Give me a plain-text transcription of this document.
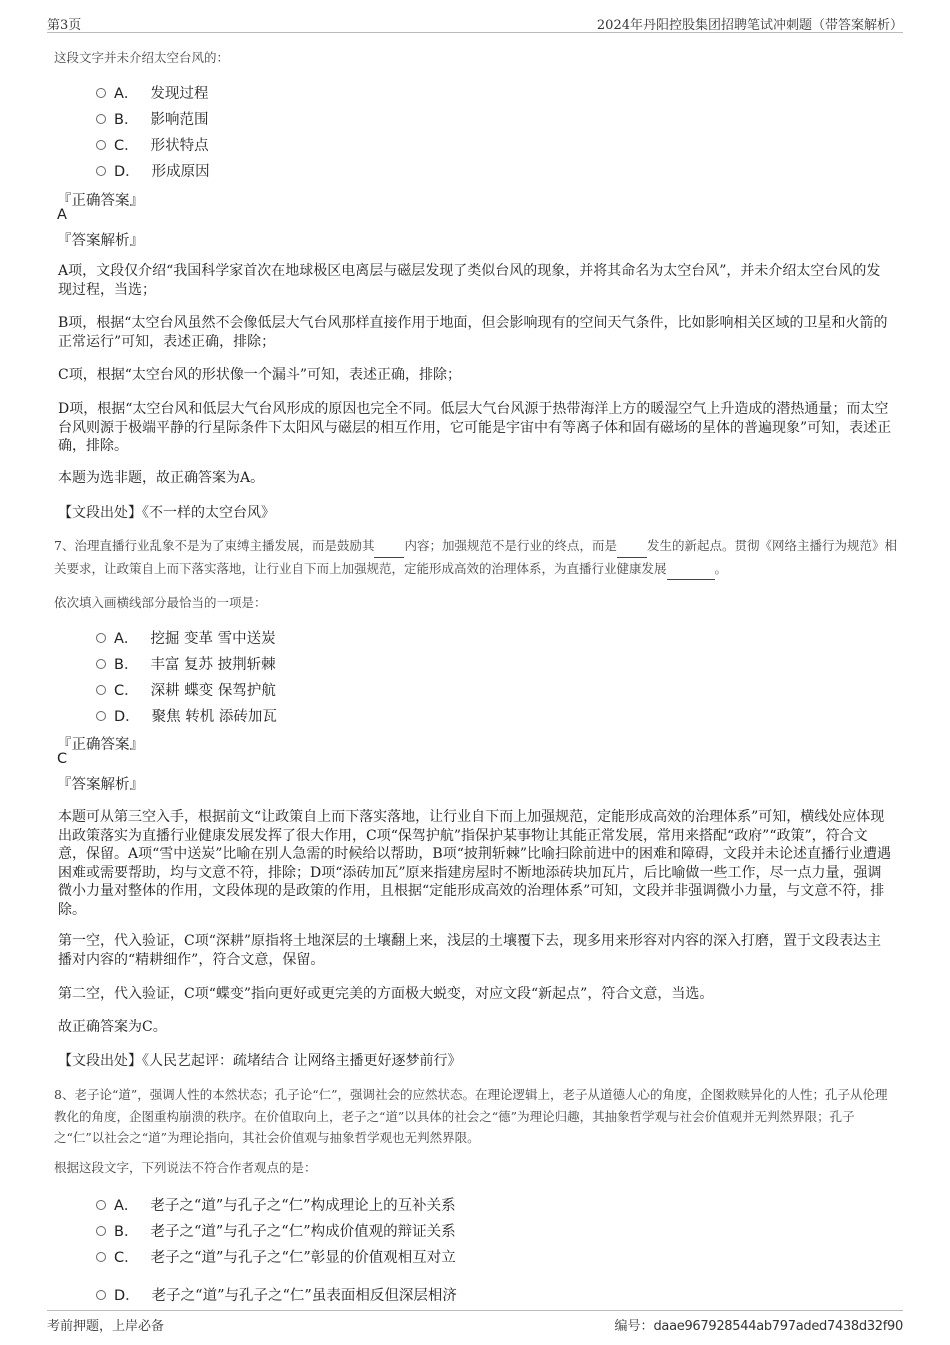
第3页	2024年丹阳控股集团招聘笔试冲刺题（带答案解析）
这段文字并未介绍太空台风的：
A． 发现过程
B． 影响范围
C． 形状特点
D． 形成原因
『正确答案』
A
『答案解析』
A项，文段仅介绍“我国科学家首次在地球极区电离层与磁层发现了类似台风的现象，并将其命名为太空台风”，并未介绍太空台风的发现过程，当选；
B项，根据“太空台风虽然不会像低层大气台风那样直接作用于地面，但会影响现有的空间天气条件，比如影响相关区域的卫星和火箭的正常运行”可知，表述正确，排除；
C项，根据“太空台风的形状像一个漏斗”可知，表述正确，排除；
D项，根据“太空台风和低层大气台风形成的原因也完全不同。低层大气台风源于热带海洋上方的暖湿空气上升造成的潜热通量；而太空台风则源于极端平静的行星际条件下太阳风与磁层的相互作用，它可能是宇宙中有等离子体和固有磁场的星体的普遍现象”可知，表述正确，排除。
本题为选非题，故正确答案为A。
【文段出处】《不一样的太空台风》
7、治理直播行业乱象不是为了束缚主播发展，而是鼓励其 内容；加强规范不是行业的终点，而是 发生的新起点。贯彻《网络主播行为规范》相关要求，让政策自上而下落实落地，让行业自下而上加强规范，定能形成高效的治理体系，为直播行业健康发展	。
依次填入画横线部分最恰当的一项是：
A． 挖掘 变革 雪中送炭
B． 丰富 复苏 披荆斩棘
C． 深耕 蝶变 保驾护航
D． 聚焦 转机 添砖加瓦
『正确答案』
C
『答案解析』
本题可从第三空入手，根据前文“让政策自上而下落实落地，让行业自下而上加强规范，定能形成高效的治理体系”可知，横线处应体现出政策落实为直播行业健康发展发挥了很大作用，C项“保驾护航”指保护某事物让其能正常发展，常用来搭配“政府”“政策”，符合文意，保留。A项“雪中送炭”比喻在别人急需的时候给以帮助，B项“披荆斩棘”比喻扫除前进中的困难和障碍，文段并未论述直播行业遭遇困难或需要帮助，均与文意不符，排除；D项“添砖加瓦”原来指建房屋时不断地添砖块加瓦片，后比喻做一些工作，尽一点力量，强调微小力量对整体的作用，文段体现的是政策的作用，且根据“定能形成高效的治理体系”可知，文段并非强调微小力量，与文意不符，排除。
第一空，代入验证，C项“深耕”原指将土地深层的土壤翻上来，浅层的土壤覆下去，现多用来形容对内容的深入打磨，置于文段表达主播对内容的“精耕细作”，符合文意，保留。
第二空，代入验证，C项“蝶变”指向更好或更完美的方面极大蜕变，对应文段“新起点”，符合文意，当选。
故正确答案为C。
【文段出处】《人民艺起评：疏堵结合 让网络主播更好逐梦前行》
8、老子论“道”，强调人性的本然状态；孔子论“仁”，强调社会的应然状态。在理论逻辑上，老子从道德人心的角度，企图救赎异化的人性；孔子从伦理教化的角度，企图重构崩溃的秩序。在价值取向上，老子之“道”以具体的社会之“德”为理论归趣，其抽象哲学观与社会价值观并无判然界限；孔子之“仁”以社会之“道”为理论指向，其社会价值观与抽象哲学观也无判然界限。
根据这段文字，下列说法不符合作者观点的是：
A． 老子之“道”与孔子之“仁”构成理论上的互补关系
B． 老子之“道”与孔子之“仁”构成价值观的辩证关系
C． 老子之“道”与孔子之“仁”彰显的价值观相互对立
D． 老子之“道”与孔子之“仁”虽表面相反但深层相济
考前押题，上岸必备	编号：daae967928544ab797aded7438d32f90
